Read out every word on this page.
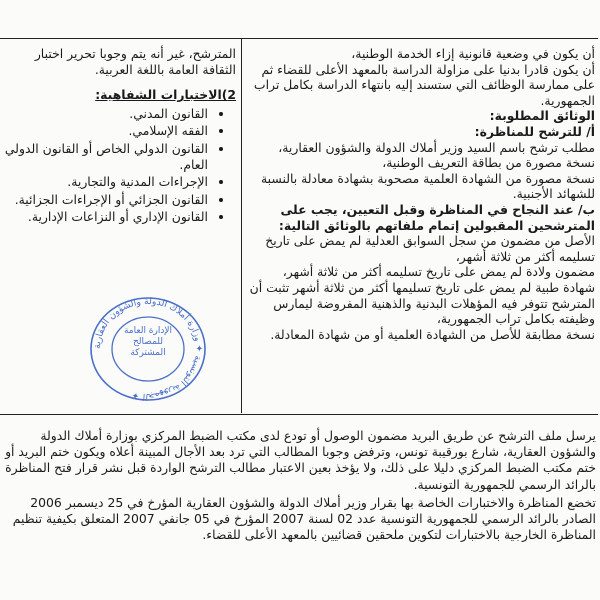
أن يكون في وضعية قانونية إزاء الخدمة الوطنية،

أن يكون قادرا بدنيا على مزاولة الدراسة بالمعهد الأعلى للقضاء ثم على ممارسة الوظائف التي ستسند إليه بانتهاء الدراسة بكامل تراب الجمهورية.

الوثائق المطلوبة:

أ/ للترشح للمناظرة:

مطلب ترشح باسم السيد وزير أملاك الدولة والشؤون العقارية،

نسخة مصورة من بطاقة التعريف الوطنية،

نسخة مصورة من الشهادة العلمية مصحوبة بشهادة معادلة بالنسبة للشهائد الأجنبية.

ب/ عند النجاح في المناظرة وقبل التعيين، يجب على المترشحين المقبولين إتمام ملفاتهم بالوثائق التالية:

الأصل من مضمون من سجل السوابق العدلية لم يمض على تاريخ تسليمه أكثر من ثلاثة أشهر،

مضمون ولادة لم يمض على تاريخ تسليمه أكثر من ثلاثة أشهر،

شهادة طبية لم يمض على تاريخ تسليمها أكثر من ثلاثة أشهر تثبت أن المترشح تتوفر فيه المؤهلات البدنية والذهنية المفروضة ليمارس وظيفته بكامل تراب الجمهورية،

نسخة مطابقة للأصل من الشهادة العلمية أو من شهادة المعادلة.

المترشح، غير أنه يتم وجوبا تحرير اختبار الثقافة العامة باللغة العربية.

2)الاختبارات الشفاهية:

• القانون المدني.
• الفقه الإسلامي.
• القانون الدولي الخاص أو القانون الدولي العام.
• الإجراءات المدنية والتجارية.
• القانون الجزائي أو الإجراءات الجزائية.
• القانون الإداري أو النزاعات الإدارية.
الجمهورية التونسية ✦ وزارة أملاك الدولة والشؤون العقارية ✦
الإدارة العامة للمصالح المشتركة

يرسل ملف الترشح عن طريق البريد مضمون الوصول أو تودع لدى مكتب الضبط المركزي بوزارة أملاك الدولة والشؤون العقارية، شارع بورقيبة تونس، وترفض وجوبا المطالب التي ترد بعد الأجال المبينة أعلاه ويكون ختم البريد أو ختم مكتب الضبط المركزي دليلا على ذلك، ولا يؤخذ بعين الاعتبار مطالب الترشح الواردة قبل نشر قرار فتح المناظرة بالرائد الرسمي للجمهورية التونسية.

تخضع المناظرة والاختبارات الخاصة بها بقرار وزير أملاك الدولة والشؤون العقارية المؤرخ في 25 ديسمبر 2006 الصادر بالرائد الرسمي للجمهورية التونسية عدد 02 لسنة 2007 المؤرخ في 05 جانفي 2007 المتعلق بكيفية تنظيم المناظرة الخارجية بالاختبارات لتكوين ملحقين قضائيين بالمعهد الأعلى للقضاء.
